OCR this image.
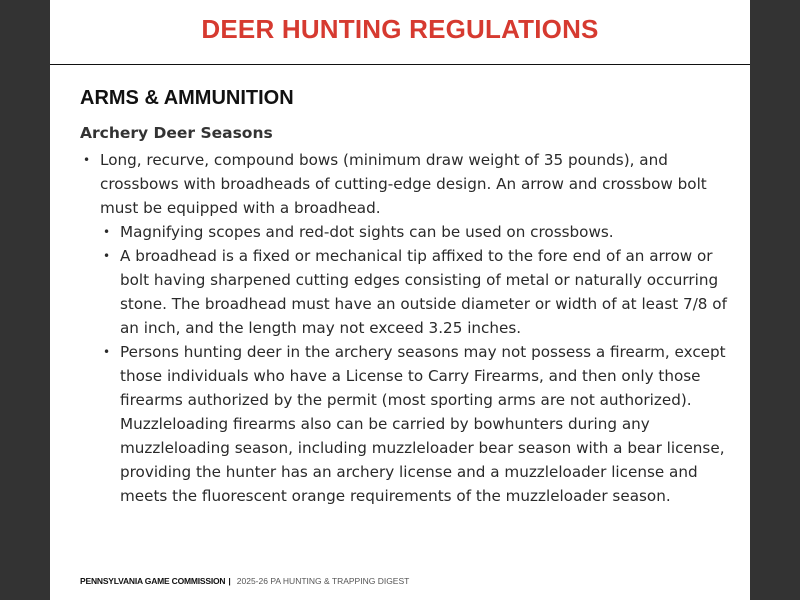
DEER HUNTING REGULATIONS
ARMS & AMMUNITION
Archery Deer Seasons
• Long, recurve, compound bows (minimum draw weight of 35 pounds), and crossbows with broadheads of cutting-edge design. An arrow and crossbow bolt must be equipped with a broadhead.
• Magnifying scopes and red-dot sights can be used on crossbows.
• A broadhead is a fixed or mechanical tip affixed to the fore end of an arrow or bolt having sharpened cutting edges consisting of metal or naturally occurring stone. The broadhead must have an outside diameter or width of at least 7/8 of an inch, and the length may not exceed 3.25 inches.
• Persons hunting deer in the archery seasons may not possess a firearm, except those individuals who have a License to Carry Firearms, and then only those firearms authorized by the permit (most sporting arms are not authorized). Muzzleloading firearms also can be carried by bowhunters during any muzzleloading season, including muzzleloader bear season with a bear license, providing the hunter has an archery license and a muzzleloader license and meets the fluorescent orange requirements of the muzzleloader season.
PENNSYLVANIA GAME COMMISSION | 2025-26 PA HUNTING & TRAPPING DIGEST
